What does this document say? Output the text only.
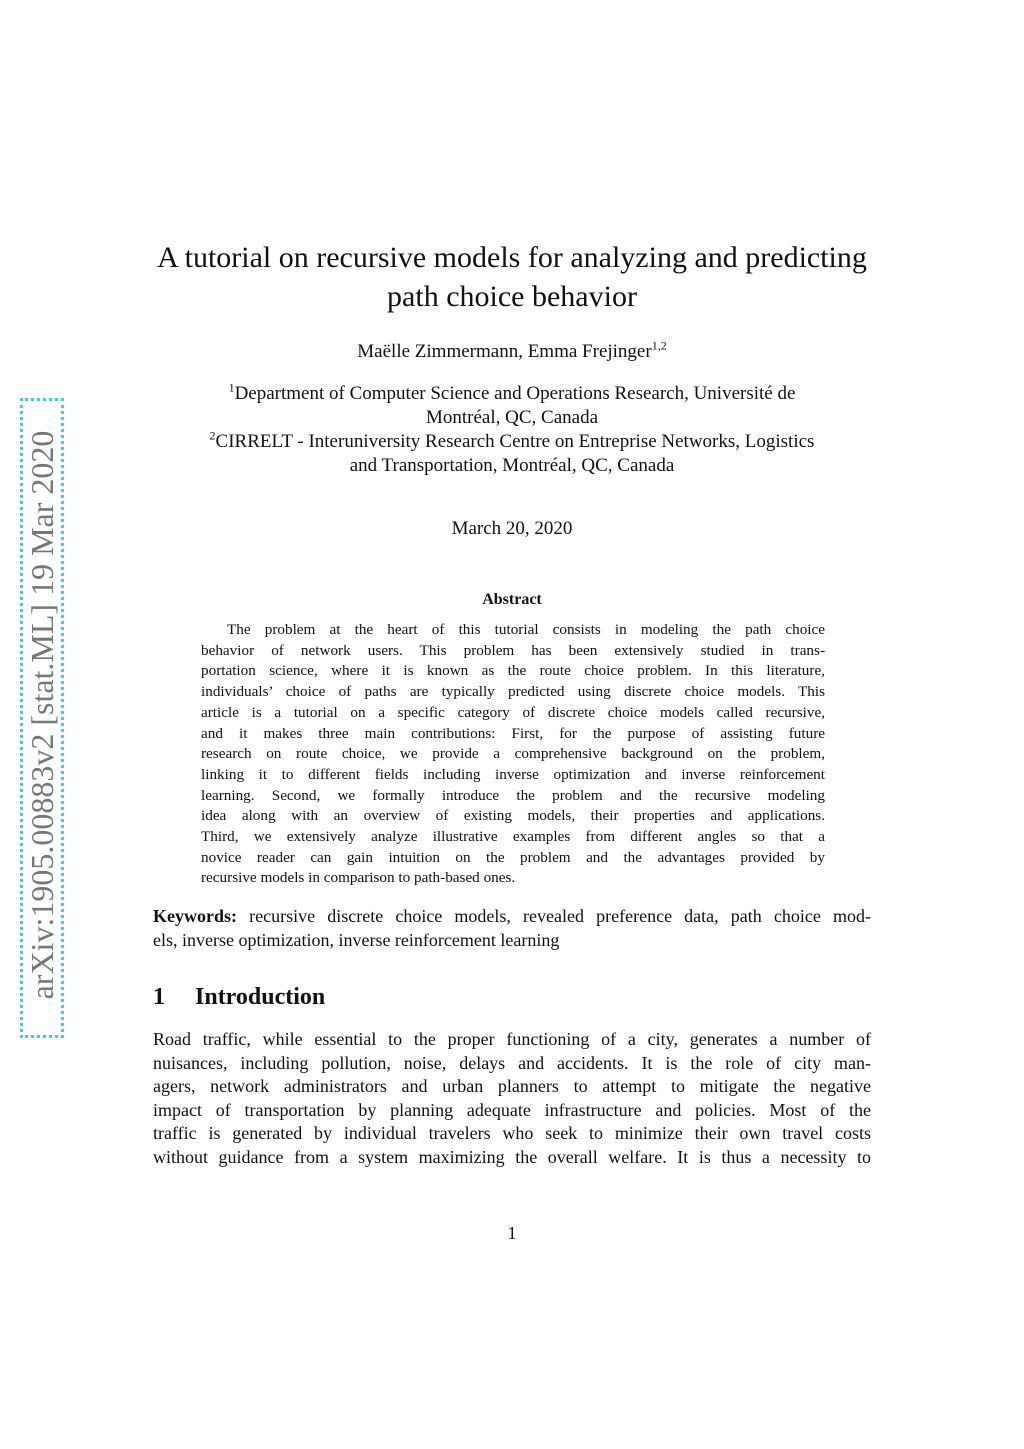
arXiv:1905.00883v2 [stat.ML] 19 Mar 2020
A tutorial on recursive models for analyzing and predicting
path choice behavior
Maëlle Zimmermann, Emma Frejinger$^{1,2}$
$^1$Department of Computer Science and Operations Research, Université de
Montréal, QC, Canada
$^2$CIRRELT - Interuniversity Research Centre on Entreprise Networks, Logistics
and Transportation, Montréal, QC, Canada
March 20, 2020
Abstract
The problem at the heart of this tutorial consists in modeling the path choice
behavior of network users. This problem has been extensively studied in trans-
portation science, where it is known as the route choice problem. In this literature,
individuals’ choice of paths are typically predicted using discrete choice models. This
article is a tutorial on a specific category of discrete choice models called recursive,
and it makes three main contributions: First, for the purpose of assisting future
research on route choice, we provide a comprehensive background on the problem,
linking it to different fields including inverse optimization and inverse reinforcement
learning. Second, we formally introduce the problem and the recursive modeling
idea along with an overview of existing models, their properties and applications.
Third, we extensively analyze illustrative examples from different angles so that a
novice reader can gain intuition on the problem and the advantages provided by
recursive models in comparison to path-based ones.
Keywords: recursive discrete choice models, revealed preference data, path choice mod-
els, inverse optimization, inverse reinforcement learning
1 Introduction
Road traffic, while essential to the proper functioning of a city, generates a number of
nuisances, including pollution, noise, delays and accidents. It is the role of city man-
agers, network administrators and urban planners to attempt to mitigate the negative
impact of transportation by planning adequate infrastructure and policies. Most of the
traffic is generated by individual travelers who seek to minimize their own travel costs
without guidance from a system maximizing the overall welfare. It is thus a necessity to
1
